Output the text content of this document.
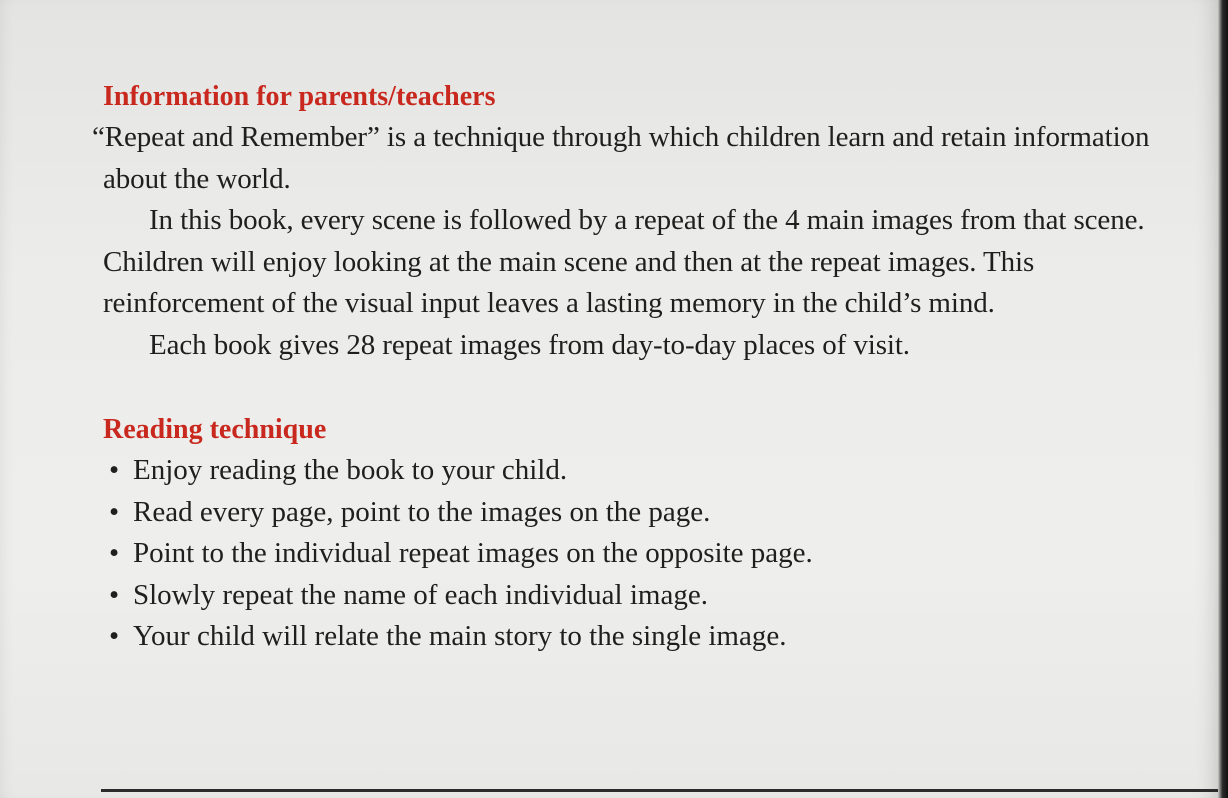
Information for parents/teachers

“Repeat and Remember” is a technique through which children learn and retain information about the world.

In this book, every scene is followed by a repeat of the 4 main images from that scene. Children will enjoy looking at the main scene and then at the repeat images. This reinforcement of the visual input leaves a lasting memory in the child’s mind.

Each book gives 28 repeat images from day-to-day places of visit.

Reading technique
• Enjoy reading the book to your child.
• Read every page, point to the images on the page.
• Point to the individual repeat images on the opposite page.
• Slowly repeat the name of each individual image.
• Your child will relate the main story to the single image.
